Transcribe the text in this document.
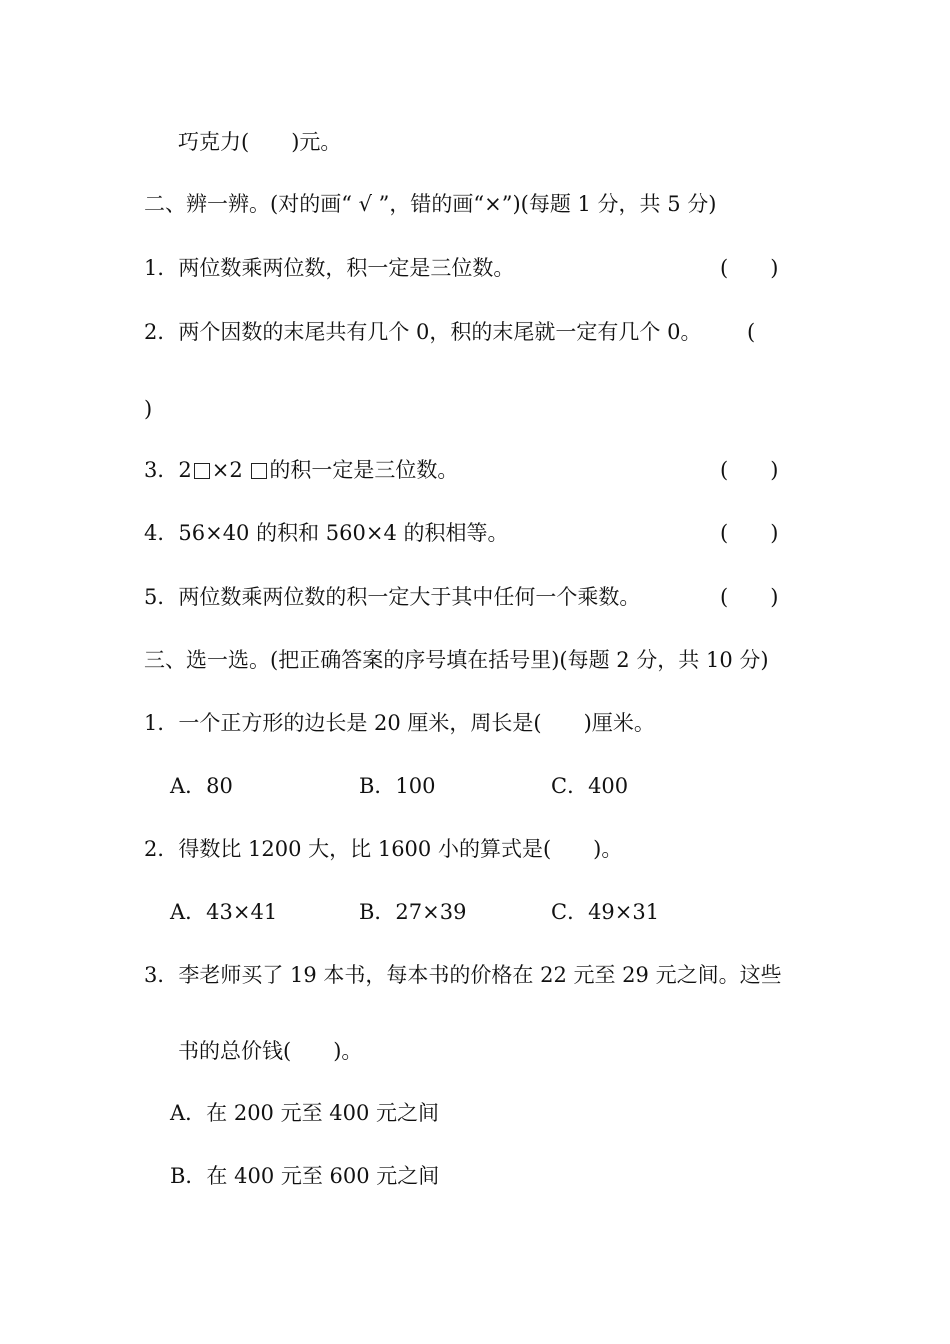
巧克力(　　)元。
二、辨一辨。(对的画“ √ ”，错的画“×”)(每题 1 分，共 5 分)
1．两位数乘两位数，积一定是三位数。	(　　)
2．两个因数的末尾共有几个 0，积的末尾就一定有几个 0。 (
)
3．2 ×2 的积一定是三位数。	(　　)
4．56×40 的积和 560×4 的积相等。	(　　)
5．两位数乘两位数的积一定大于其中任何一个乘数。	(　　)
三、选一选。(把正确答案的序号填在括号里)(每题 2 分，共 10 分)
1．一个正方形的边长是 20 厘米，周长是(　　)厘米。
A．80	B．100	C．400
2．得数比 1200 大，比 1600 小的算式是(　　)。
A．43×41	B．27×39	C．49×31
3．李老师买了 19 本书，每本书的价格在 22 元至 29 元之间。这些
书的总价钱(　　)。
A．在 200 元至 400 元之间
B．在 400 元至 600 元之间
